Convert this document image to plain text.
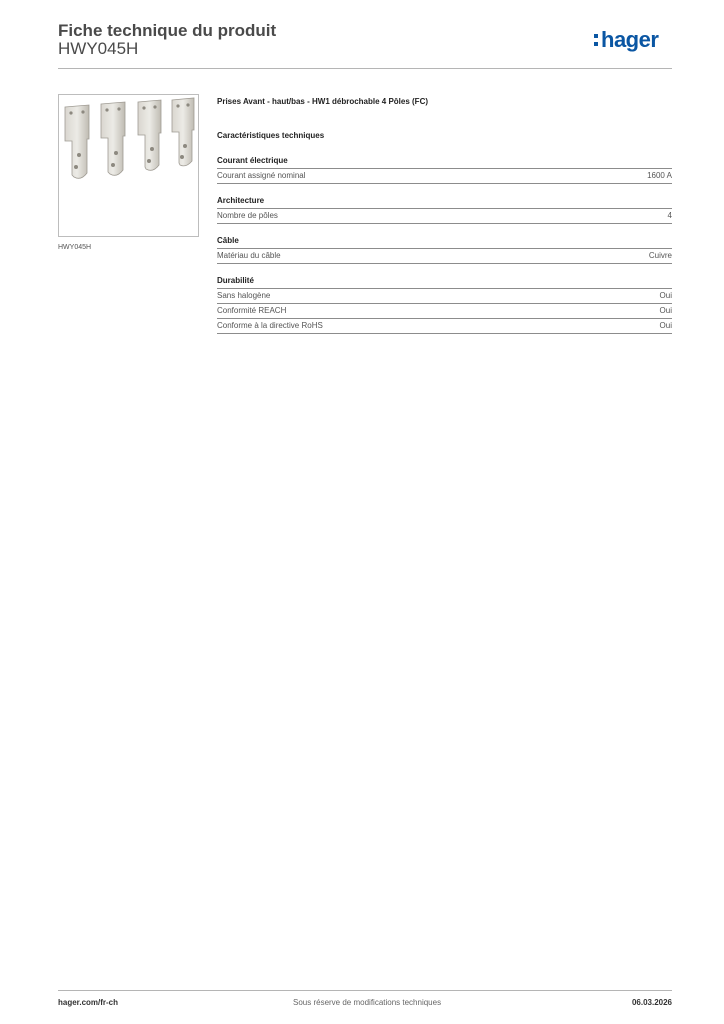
Fiche technique du produit
HWY045H	hager
HWY045H
Prises Avant - haut/bas - HW1 débrochable 4 Pôles (FC)
Caractéristiques techniques
Courant électrique
Courant assigné nominal	1600 A
Architecture
Nombre de pôles	4
Câble
Matériau du câble	Cuivre
Durabilité
Sans halogène	Oui
Conformité REACH	Oui
Conforme à la directive RoHS	Oui
hager.com/fr-ch	Sous réserve de modifications techniques	06.03.2026
